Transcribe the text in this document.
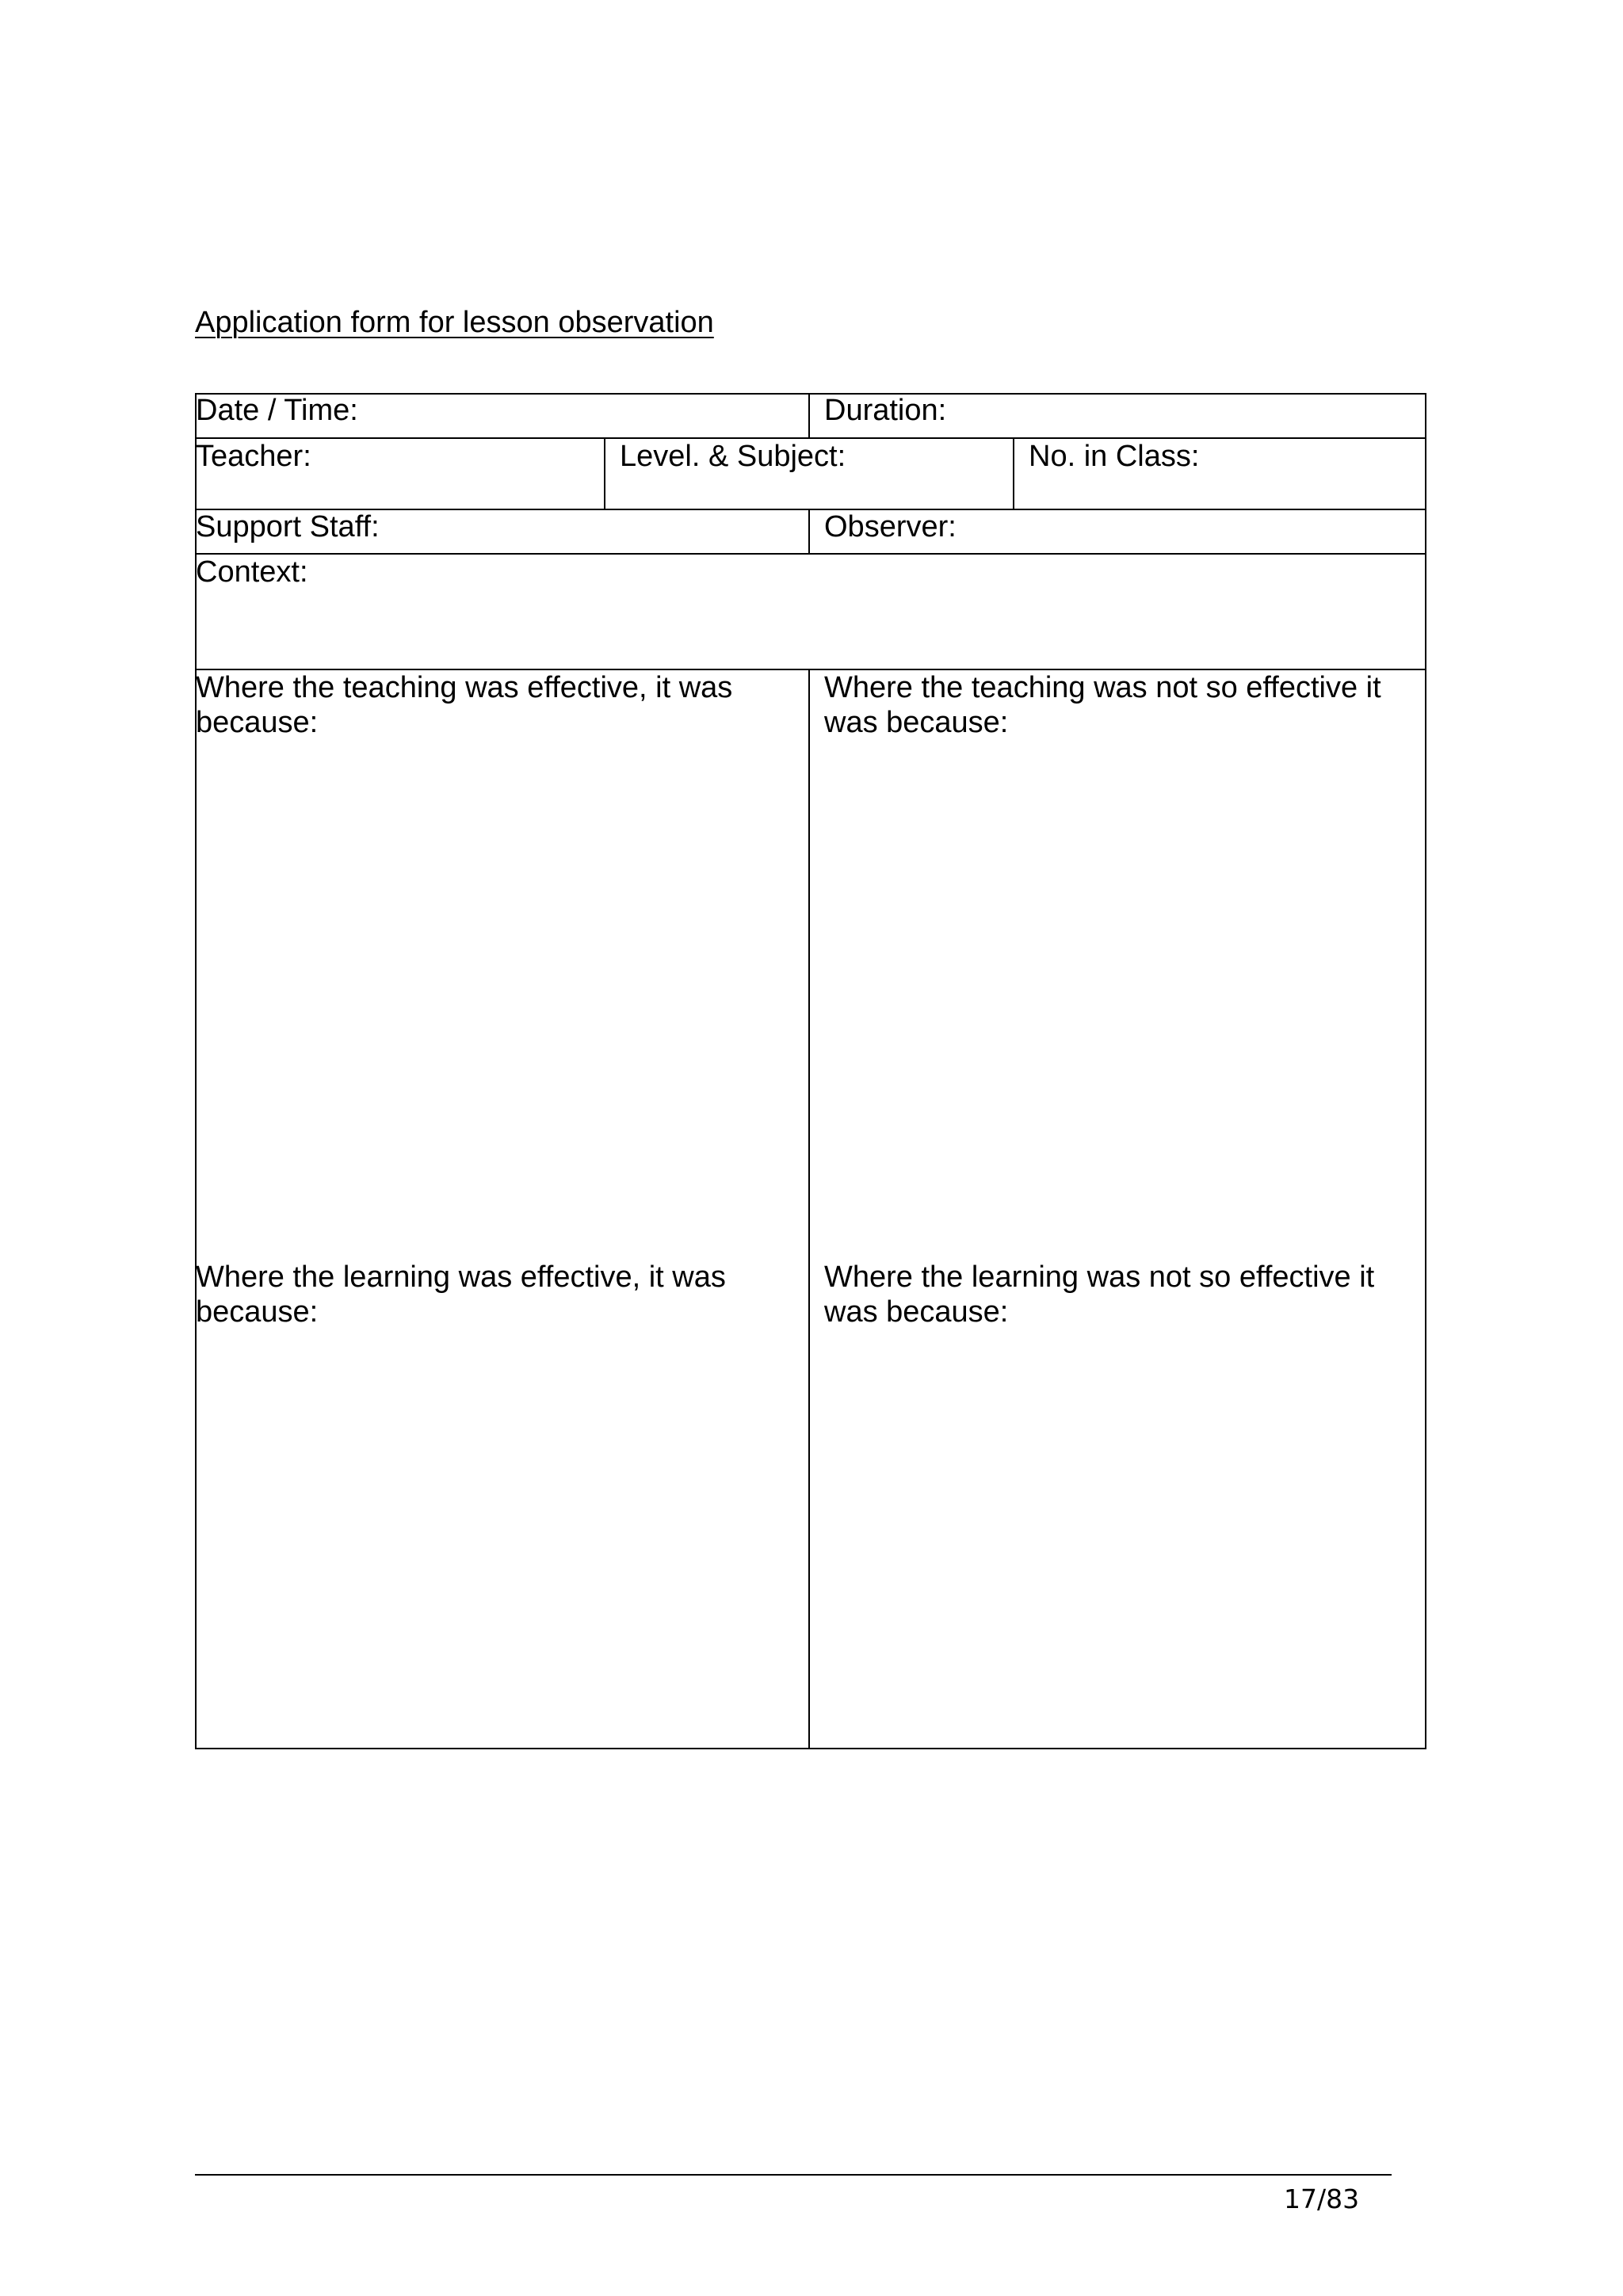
Application form for lesson observation
Date / Time:	Duration:
Teacher:	Level. & Subject:	No. in Class:
Support Staff:	Observer:
Context:
Where the teaching was effective, it was because:
Where the teaching was not so effective it was because:
Where the learning was effective, it was because:
Where the learning was not so effective it was because:
17/83
